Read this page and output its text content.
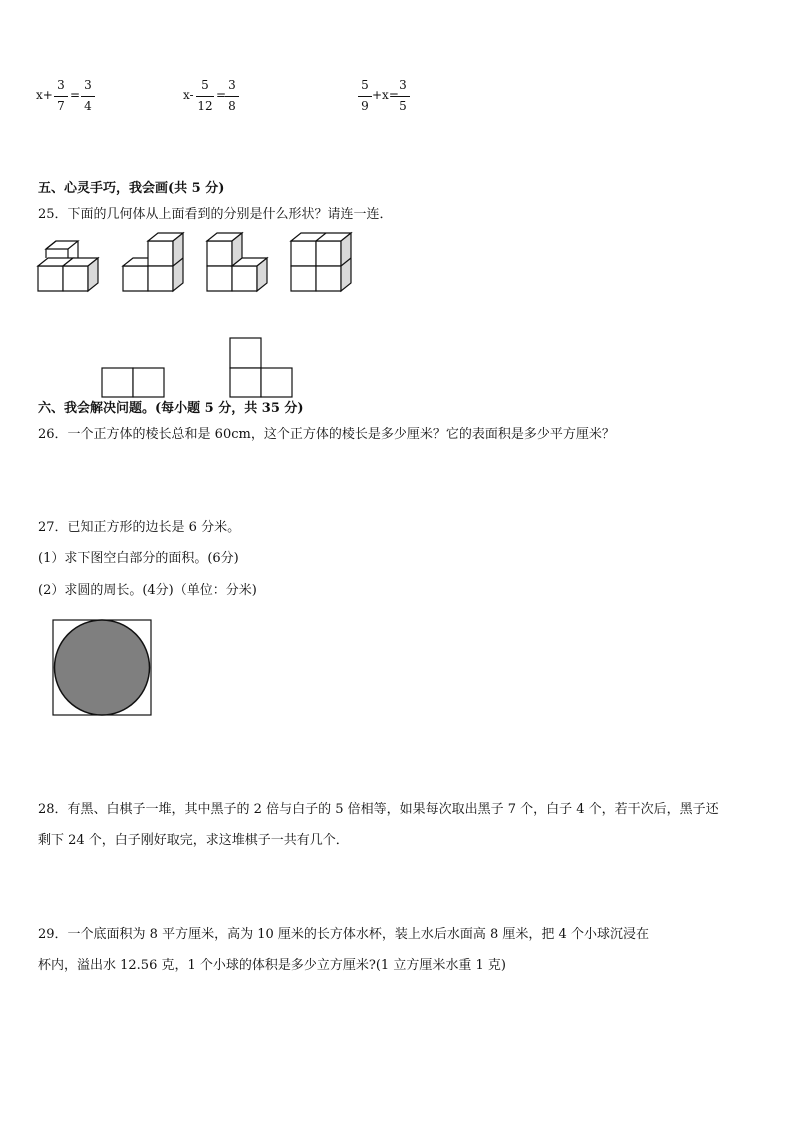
x+
3
7
=
3
4
x-
5
12
=
3
8
5
9
+x=
3
5
五、心灵手巧，我会画(共 5 分)
25．下面的几何体从上面看到的分别是什么形状？请连一连．
六、我会解决问题。(每小题 5 分，共 35 分)
26．一个正方体的棱长总和是 60cm，这个正方体的棱长是多少厘米？它的表面积是多少平方厘米？
27．已知正方形的边长是 6 分米。
(1）求下图空白部分的面积。(6分)
(2）求圆的周长。(4分)（单位：分米)
28．有黑、白棋子一堆，其中黑子的 2 倍与白子的 5 倍相等，如果每次取出黑子 7 个，白子 4 个，若干次后，黑子还
剩下 24 个，白子刚好取完，求这堆棋子一共有几个．
29．一个底面积为 8 平方厘米，高为 10 厘米的长方体水杯，装上水后水面高 8 厘米，把 4 个小球沉浸在
杯内，溢出水 12.56 克，1 个小球的体积是多少立方厘米?(1 立方厘米水重 1 克)
